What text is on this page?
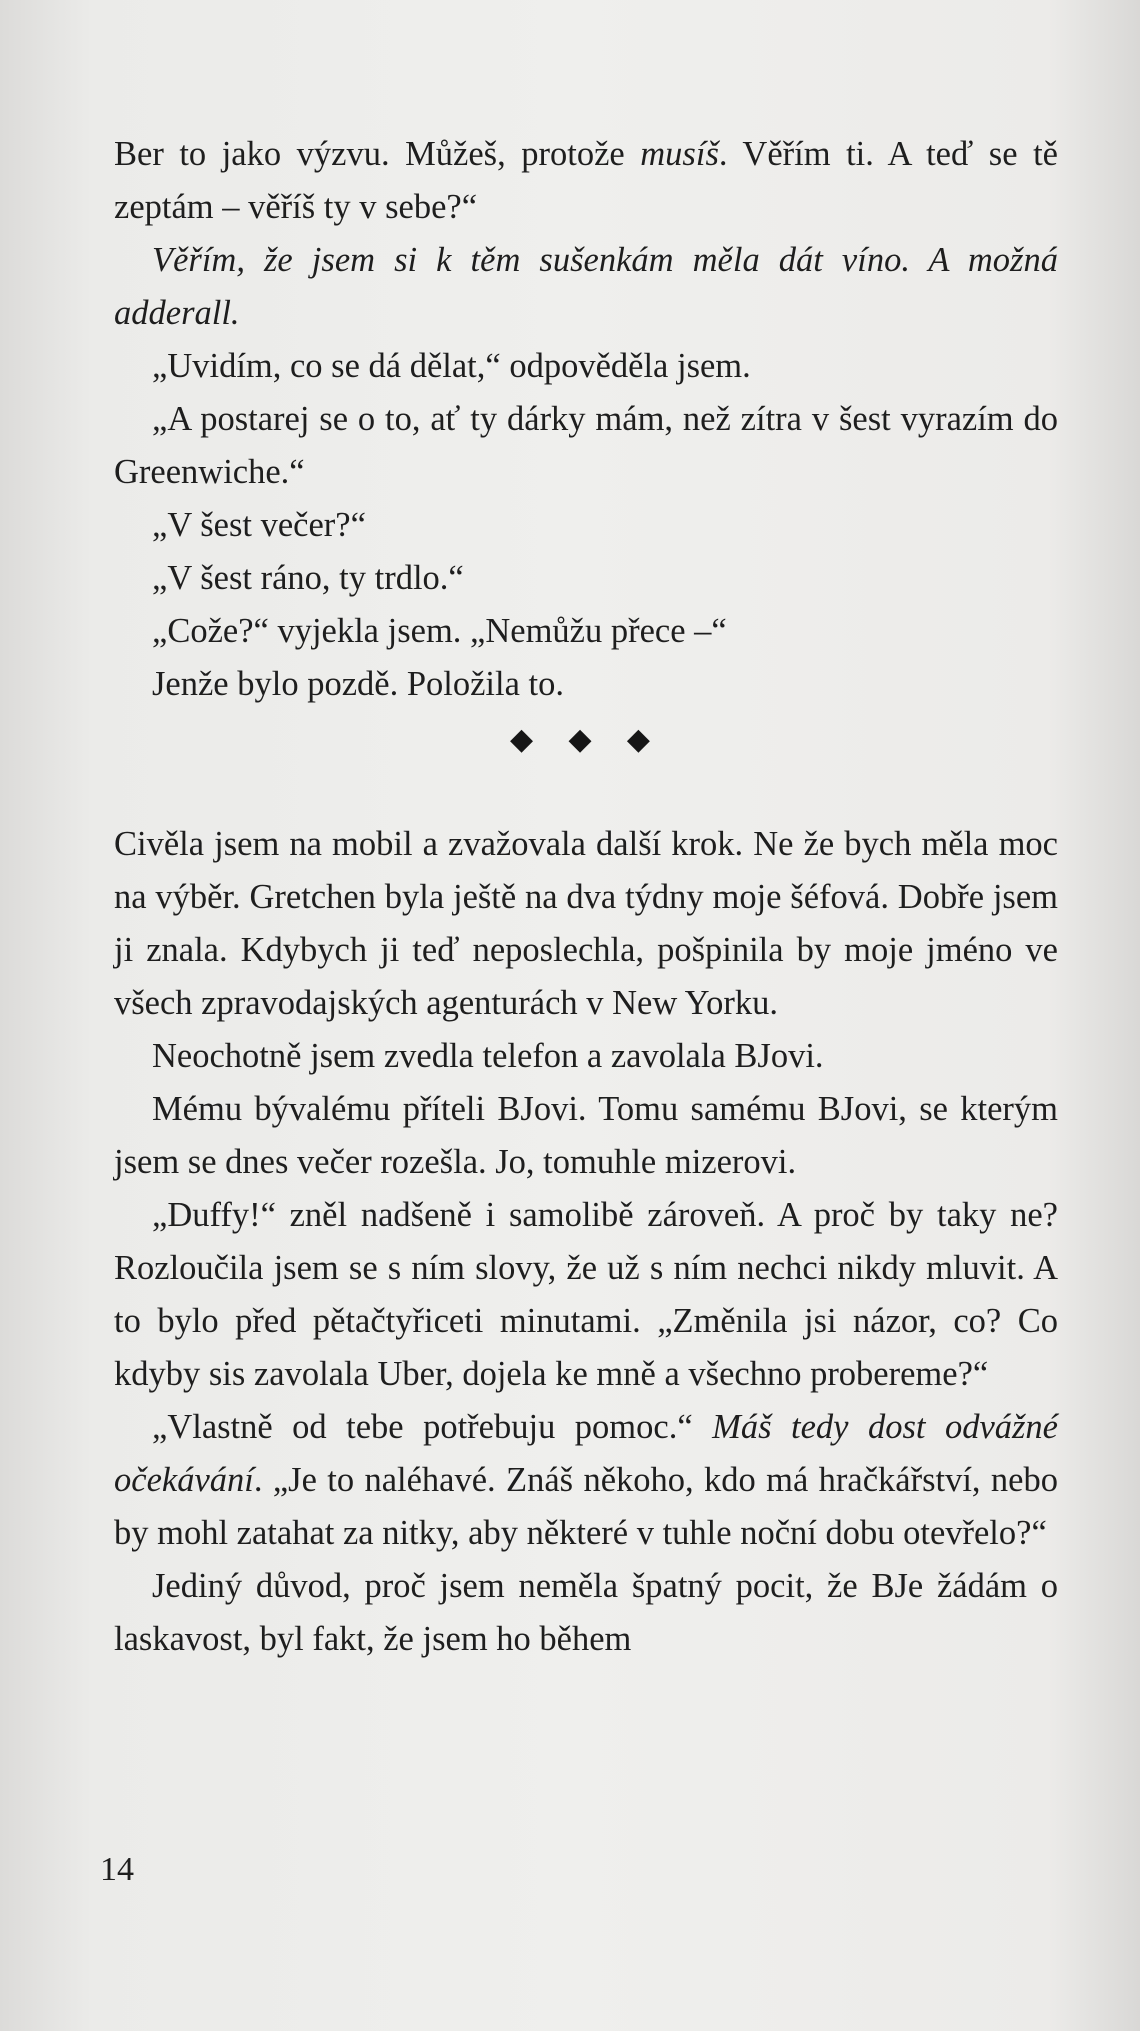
Ber to jako výzvu. Můžeš, protože musíš. Věřím ti. A teď se tě zeptám – věříš ty v sebe?“

Věřím, že jsem si k těm sušenkám měla dát víno. A možná adderall.

„Uvidím, co se dá dělat,“ odpověděla jsem.

„A postarej se o to, ať ty dárky mám, než zítra v šest vyrazím do Greenwiche.“

„V šest večer?“

„V šest ráno, ty trdlo.“

„Cože?“ vyjekla jsem. „Nemůžu přece –“

Jenže bylo pozdě. Položila to.

◆ ◆ ◆

Civěla jsem na mobil a zvažovala další krok. Ne že bych měla moc na výběr. Gretchen byla ještě na dva týdny moje šéfová. Dobře jsem ji znala. Kdybych ji teď neposlechla, pošpinila by moje jméno ve všech zpravodajských agenturách v New Yorku.

Neochotně jsem zvedla telefon a zavolala BJovi.

Mému bývalému příteli BJovi. Tomu samému BJovi, se kterým jsem se dnes večer rozešla. Jo, tomuhle mizerovi.

„Duffy!“ zněl nadšeně i samolibě zároveň. A proč by taky ne? Rozloučila jsem se s ním slovy, že už s ním nechci nikdy mluvit. A to bylo před pětačtyřiceti minutami. „Změnila jsi názor, co? Co kdyby sis zavolala Uber, dojela ke mně a všechno probereme?“

„Vlastně od tebe potřebuju pomoc.“ Máš tedy dost odvážné očekávání. „Je to naléhavé. Znáš někoho, kdo má hračkářství, nebo by mohl zatahat za nitky, aby některé v tuhle noční dobu otevřelo?“

Jediný důvod, proč jsem neměla špatný pocit, že BJe žádám o laskavost, byl fakt, že jsem ho během

14
